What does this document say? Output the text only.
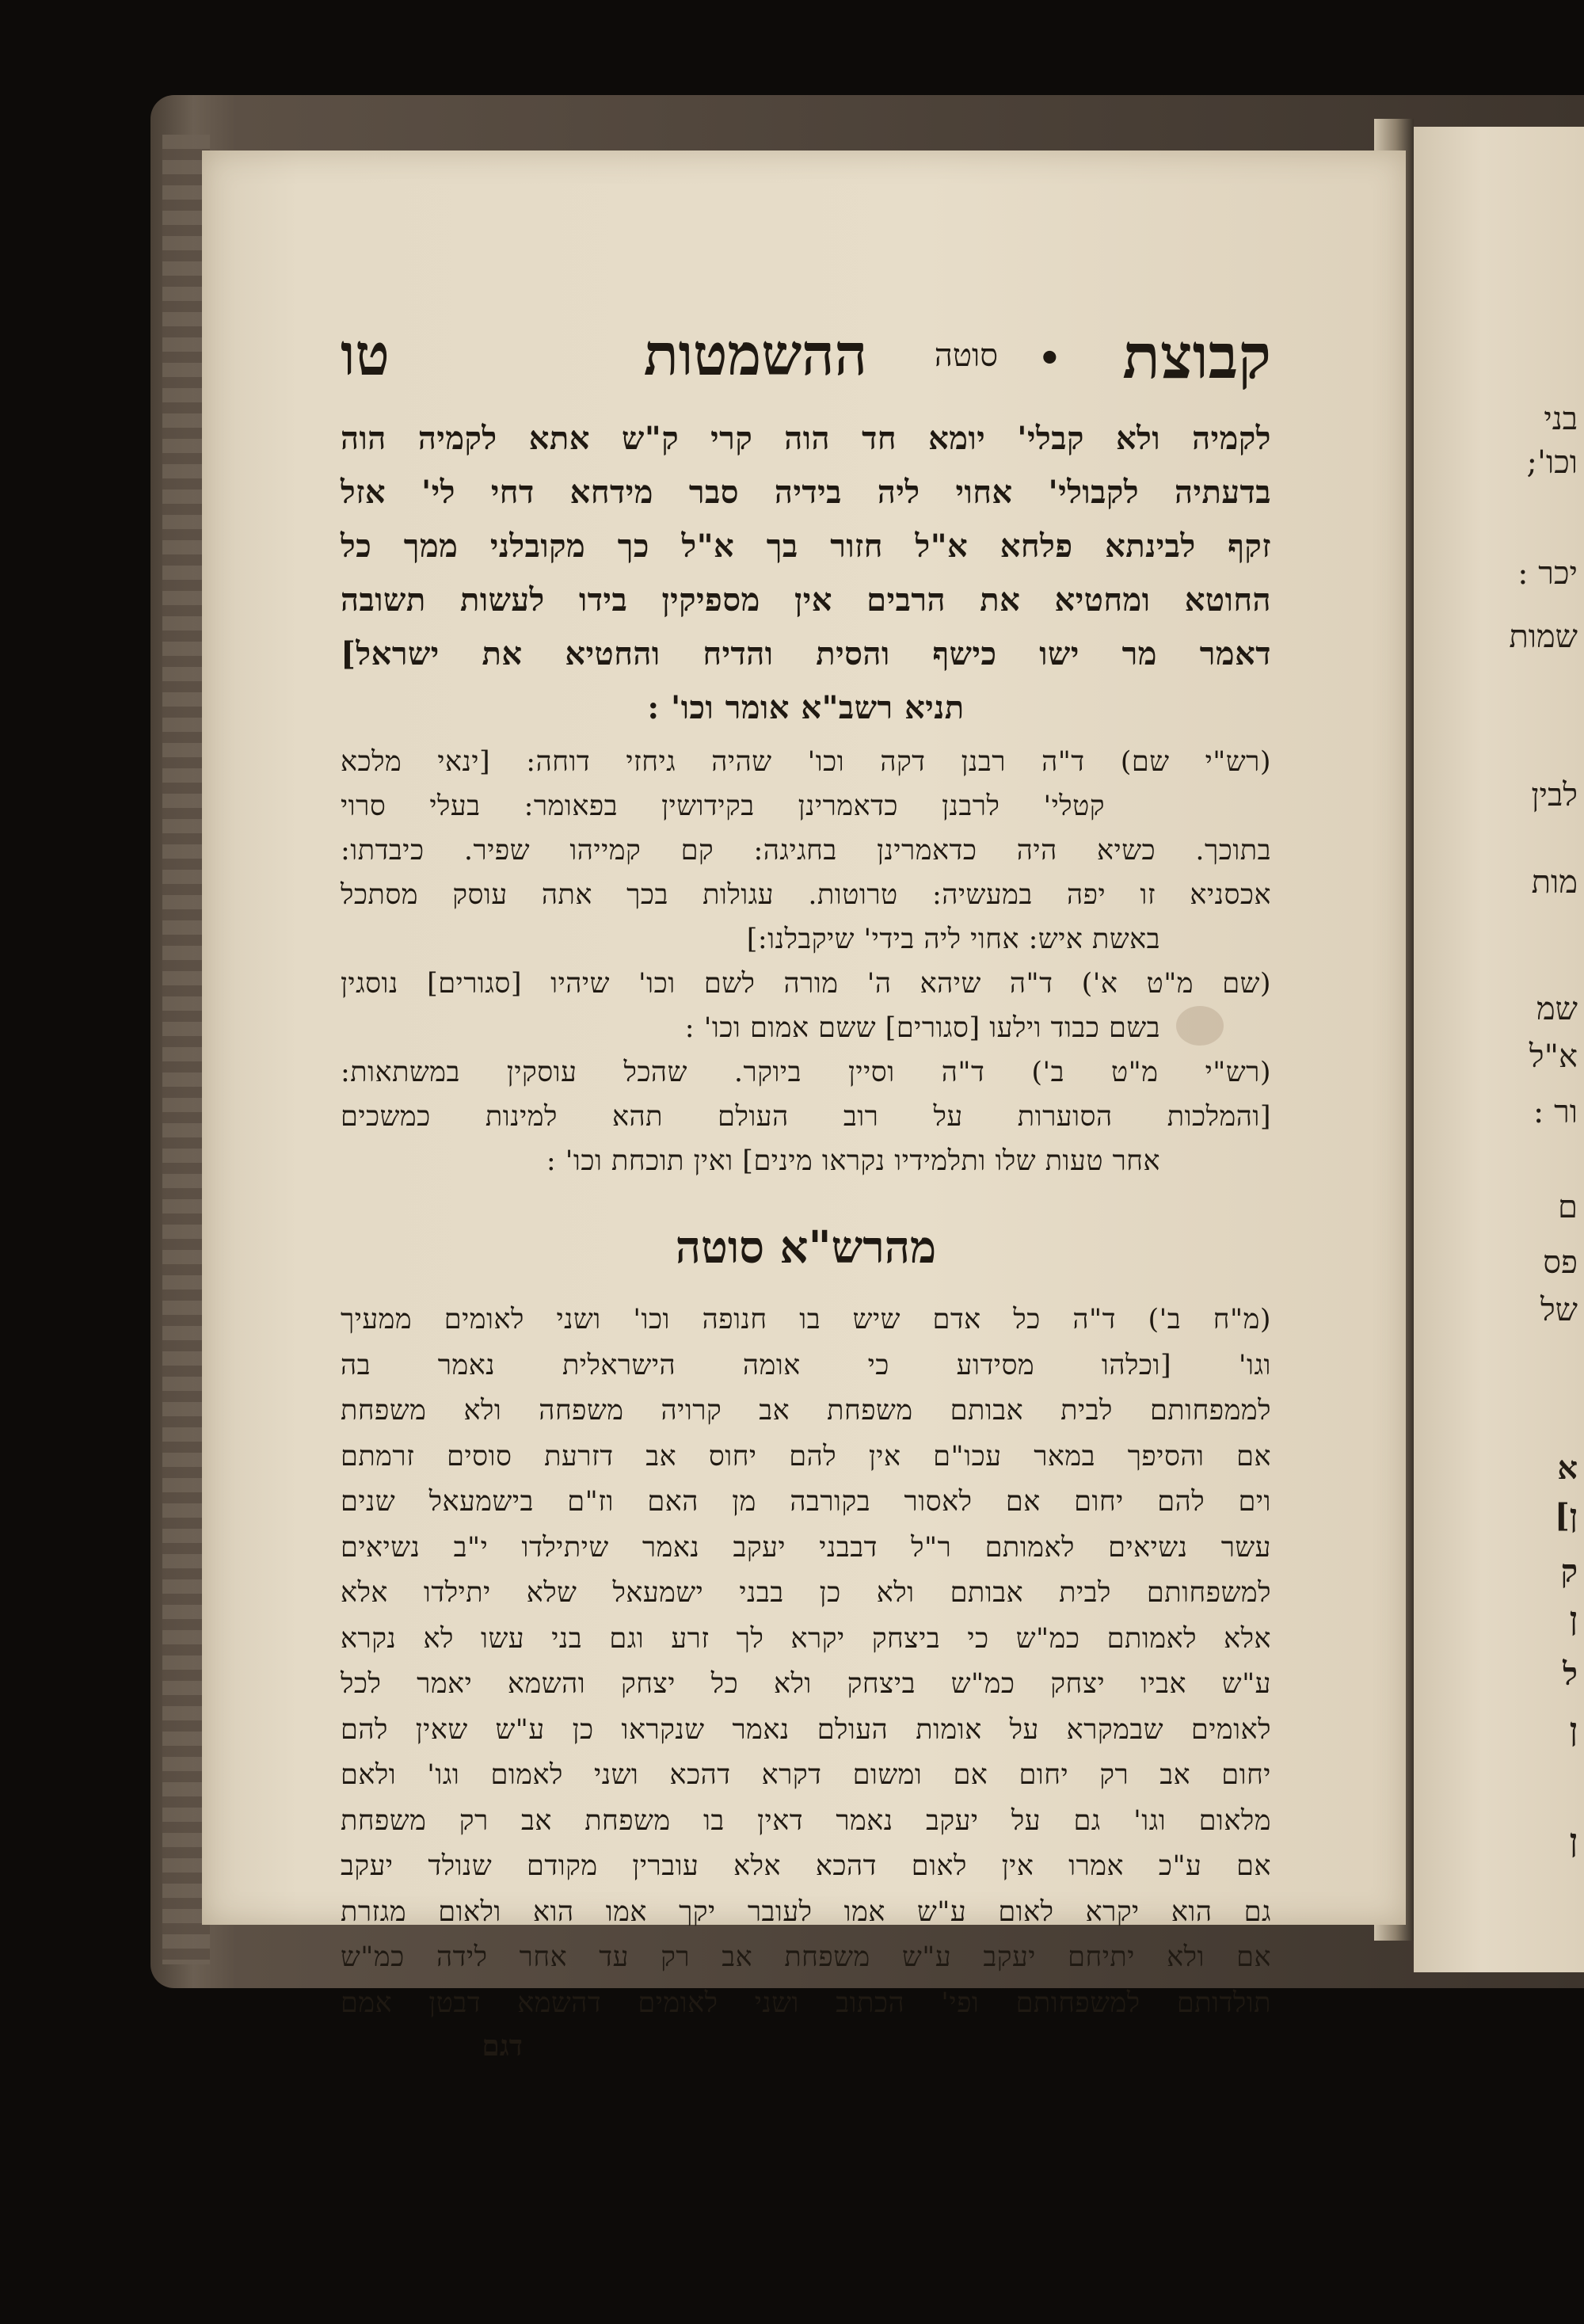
בני
וכו';
יכר :
שמות
לבין
מות
שמ
א"ל
ור :
ם
פס
של
א
ן]
ק
ן
ל
ן
ן
קבוצת
•
סוטה
ההשמטות
טו
לקמיה ולא קבלי' יומא חד הוה קרי ק"ש אתא לקמיה הוה
בדעתיה לקבולי' אחוי ליה בידיה סבר מידחא דחי לי' אזל
זקף לבינתא פלחא א"ל חזור בך א"ל כך מקובלני ממך כל
החוטא ומחטיא את הרבים אין מספיקין בידו לעשות תשובה
דאמר מר ישו כישף והסית והדיח והחטיא את ישראל]
תניא רשב"א אומר וכו' :
(רש"י שם) ד"ה רבנן דקה וכו' שהיה גיחזי דוחה: [ינאי מלכא
קטלי' לרבנן כדאמרינן בקידושין בפאומר: בעלי סרוי
בתוכך. כשיא היה כדאמרינן בחגיגה: קם קמייהו שפיר. כיבדתו:
אכסניא זו יפה במעשיה: טרוטות. עגולות בכך אתה עוסק מסתכל
באשת איש: אחוי ליה בידי' שיקבלנו:]
(שם מ"ט א') ד"ה שיהא ה' מורה לשם וכו' שיהיו [סגורים] נוסגין
בשם כבוד וילעו [סגורים] ששם אמום וכו' :
(רש"י מ"ט ב') ד"ה וסיין ביוקר. שהכל עוסקין במשתאות:
[והמלכות הסוערות על רוב העולם תהא למינות כמשכים
אחר טעות שלו ותלמידיו נקראו מינים] ואין תוכחת וכו' :
מהרש"א סוטה
(מ"ח ב') ד"ה כל אדם שיש בו חנופה וכו' ושני לאומים ממעיך
וגו' [וכלהו מסידוע כי אומה הישראלית נאמר בה
לממפחותם לבית אבותם משפחת אב קרויה משפחה ולא משפחת
אם והסיפך במאר עכו"ם אין להם יחוס אב דזרעת סוסים זרמתם
וים להם יחום אם לאסור בקורבה מן האם וז"ם בישמעאל שנים
עשר נשיאים לאמותם ר"ל דבבני יעקב נאמר שיתילדו י"ב נשיאים
למשפחותם לבית אבותם ולא כן בבני ישמעאל שלא יתילדו אלא
אלא לאמותם כמ"ש כי ביצחק יקרא לך זרע וגם בני עשו לא נקרא
ע"ש אביו יצחק כמ"ש ביצחק ולא כל יצחק והשמא יאמר לכל
לאומים שבמקרא על אומות העולם נאמר שנקראו כן ע"ש שאין להם
יחום אב רק יחום אם ומשום דקרא דהכא ושני לאמום וגו' ולאם
מלאום וגו' גם על יעקב נאמר דאין בו משפחת אב רק משפחת
אם ע"כ אמרו אין לאום דהכא אלא עוברין מקודם שנולד יעקב
גם הוא יקרא לאום ע"ש אמו לעובר יקך אמו הוא ולאום מגזרת
אם ולא יתיחם יעקב ע"ש משפחת אב רק עד אחר לידה כמ"ש
תולדותם למשפחותם ופי' הכתוב ושני לאומים דהשמא דבטן אמם
דגם
